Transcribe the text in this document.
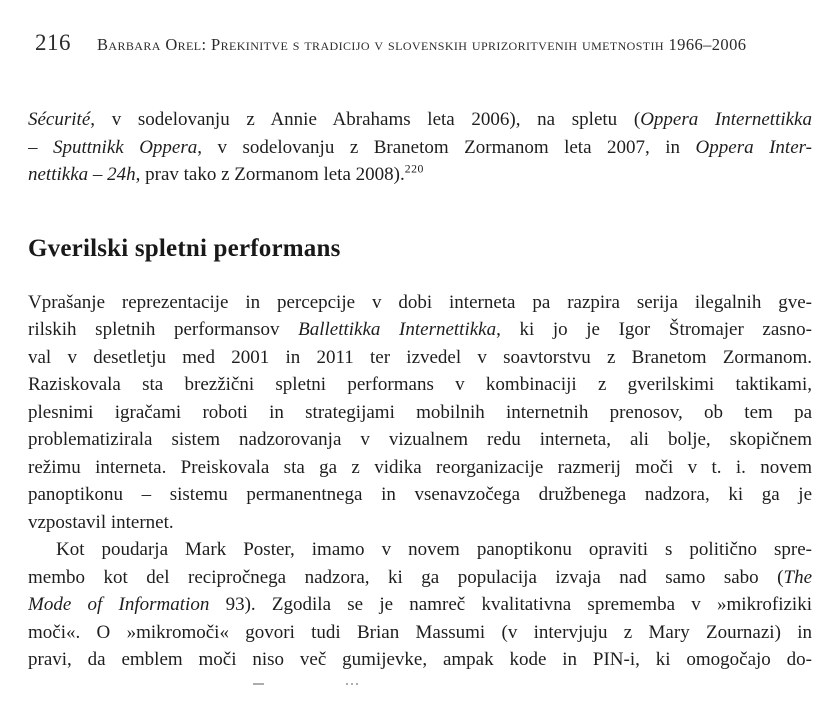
216 Barbara Orel: Prekinitve s tradicijo v slovenskih uprizoritvenih umetnostih 1966–2006
Sécurité, v sodelovanju z Annie Abrahams leta 2006), na spletu (Oppera Internettikka
– Sputtnikk Oppera, v sodelovanju z Branetom Zormanom leta 2007, in Oppera Inter-
nettikka – 24h, prav tako z Zormanom leta 2008).$^{220}$
Gverilski spletni performans
Vprašanje reprezentacije in percepcije v dobi interneta pa razpira serija ilegalnih gve-
rilskih spletnih performansov Ballettikka Internettikka, ki jo je Igor Štromajer zasno-
val v desetletju med 2001 in 2011 ter izvedel v soavtorstvu z Branetom Zormanom.
Raziskovala sta brezžični spletni performans v kombinaciji z gverilskimi taktikami,
plesnimi igračami roboti in strategijami mobilnih internetnih prenosov, ob tem pa
problematizirala sistem nadzorovanja v vizualnem redu interneta, ali bolje, skopičnem
režimu interneta. Preiskovala sta ga z vidika reorganizacije razmerij moči v t. i. novem
panoptikonu – sistemu permanentnega in vsenavzočega družbenega nadzora, ki ga je
vzpostavil internet.
Kot poudarja Mark Poster, imamo v novem panoptikonu opraviti s politično spre-
membo kot del recipročnega nadzora, ki ga populacija izvaja nad samo sabo (The
Mode of Information 93). Zgodila se je namreč kvalitativna sprememba v »mikrofiziki
moči«. O »mikromoči« govori tudi Brian Massumi (v intervjuju z Mary Zournazi) in
pravi, da emblem moči niso več gumijevke, ampak kode in PIN-i, ki omogočajo do-
